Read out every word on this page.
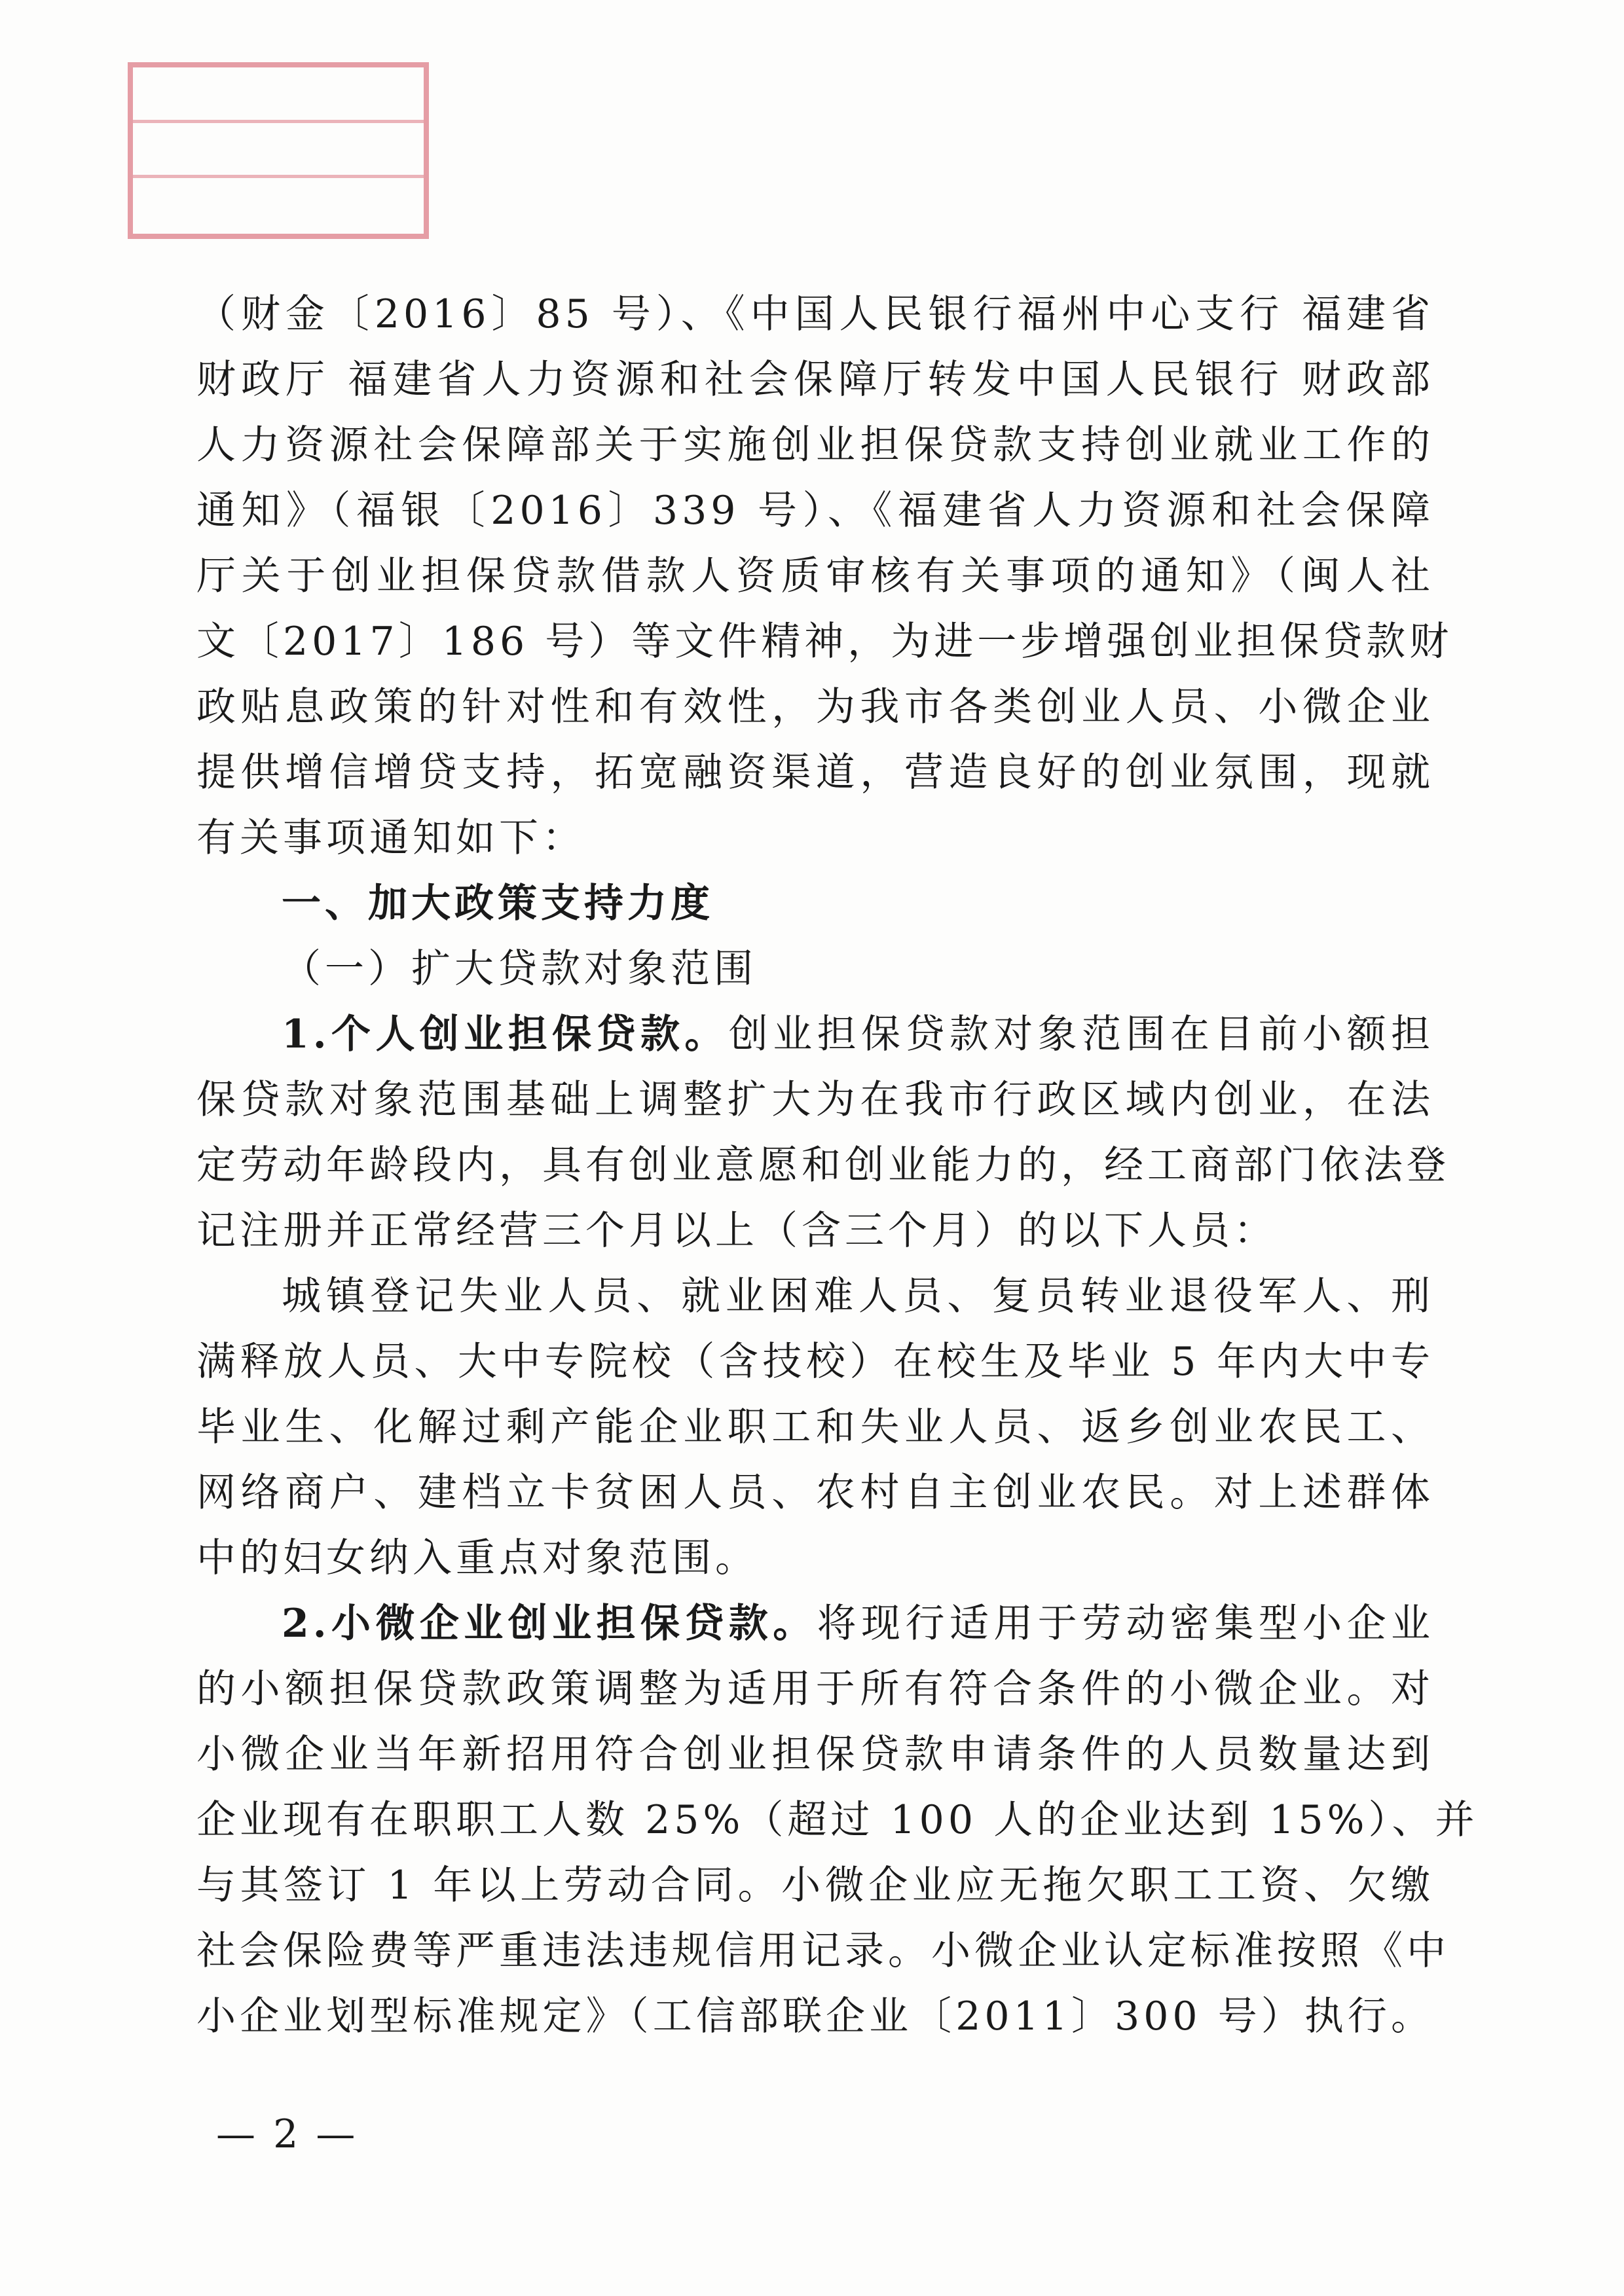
（财金〔2016〕85 号）、《中国人民银行福州中心支行 福建省
财政厅 福建省人力资源和社会保障厅转发中国人民银行 财政部
人力资源社会保障部关于实施创业担保贷款支持创业就业工作的
通知》（福银〔2016〕339 号）、《福建省人力资源和社会保障
厅关于创业担保贷款借款人资质审核有关事项的通知》（闽人社
文〔2017〕186 号）等文件精神，为进一步增强创业担保贷款财
政贴息政策的针对性和有效性，为我市各类创业人员、小微企业
提供增信增贷支持，拓宽融资渠道，营造良好的创业氛围，现就
有关事项通知如下：
一、加大政策支持力度
（一）扩大贷款对象范围
1.个人创业担保贷款。创业担保贷款对象范围在目前小额担
保贷款对象范围基础上调整扩大为在我市行政区域内创业，在法
定劳动年龄段内，具有创业意愿和创业能力的，经工商部门依法登
记注册并正常经营三个月以上（含三个月）的以下人员：
城镇登记失业人员、就业困难人员、复员转业退役军人、刑
满释放人员、大中专院校（含技校）在校生及毕业 5 年内大中专
毕业生、化解过剩产能企业职工和失业人员、返乡创业农民工、
网络商户、建档立卡贫困人员、农村自主创业农民。对上述群体
中的妇女纳入重点对象范围。
2.小微企业创业担保贷款。将现行适用于劳动密集型小企业
的小额担保贷款政策调整为适用于所有符合条件的小微企业。对
小微企业当年新招用符合创业担保贷款申请条件的人员数量达到
企业现有在职职工人数 25%（超过 100 人的企业达到 15%）、并
与其签订 1 年以上劳动合同。小微企业应无拖欠职工工资、欠缴
社会保险费等严重违法违规信用记录。小微企业认定标准按照《中
小企业划型标准规定》（工信部联企业〔2011〕300 号）执行。
— 2 —
